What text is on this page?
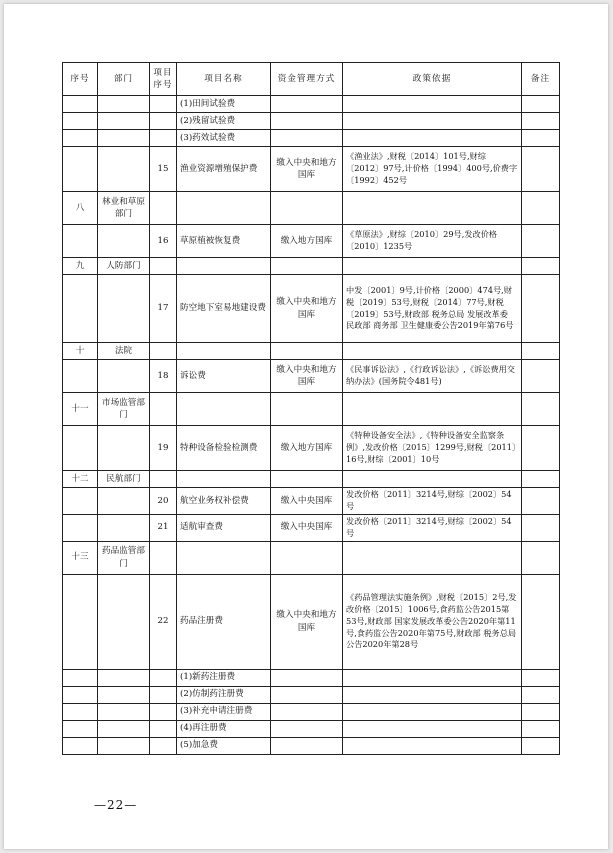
序号	部门	项目序号	项目名称	资金管理方式	政策依据	备注
			(1)田间试验费			
			(2)残留试验费			
			(3)药效试验费			
		15	渔业资源增殖保护费	缴入中央和地方国库	《渔业法》,财税〔2014〕101号,财综〔2012〕97号,计价格〔1994〕400号,价费字〔1992〕452号	
八	林业和草原部门					
		16	草原植被恢复费	缴入地方国库	《草原法》,财综〔2010〕29号,发改价格〔2010〕1235号	
九	人防部门					
		17	防空地下室易地建设费	缴入中央和地方国库	中发〔2001〕9号,计价格〔2000〕474号,财税〔2019〕53号,财税〔2014〕77号,财税〔2019〕53号,财政部 税务总局 发展改革委 民政部 商务部 卫生健康委公告2019年第76号	
十	法院					
		18	诉讼费	缴入中央和地方国库	《民事诉讼法》,《行政诉讼法》,《诉讼费用交纳办法》(国务院令481号)	
十一	市场监管部门					
		19	特种设备检验检测费	缴入地方国库	《特种设备安全法》,《特种设备安全监察条例》,发改价格〔2015〕1299号,财税〔2011〕16号,财综〔2001〕10号	
十二	民航部门					
		20	航空业务权补偿费	缴入中央国库	发改价格〔2011〕3214号,财综〔2002〕54号	
		21	适航审查费	缴入中央国库	发改价格〔2011〕3214号,财综〔2002〕54号	
十三	药品监管部门					
		22	药品注册费	缴入中央和地方国库	《药品管理法实施条例》,财税〔2015〕2号,发改价格〔2015〕1006号,食药监公告2015第53号,财政部 国家发展改革委公告2020年第11号,食药监公告2020年第75号,财政部 税务总局公告2020年第28号	
			(1)新药注册费			
			(2)仿制药注册费			
			(3)补充申请注册费			
			(4)再注册费			
			(5)加急费			
—22—
